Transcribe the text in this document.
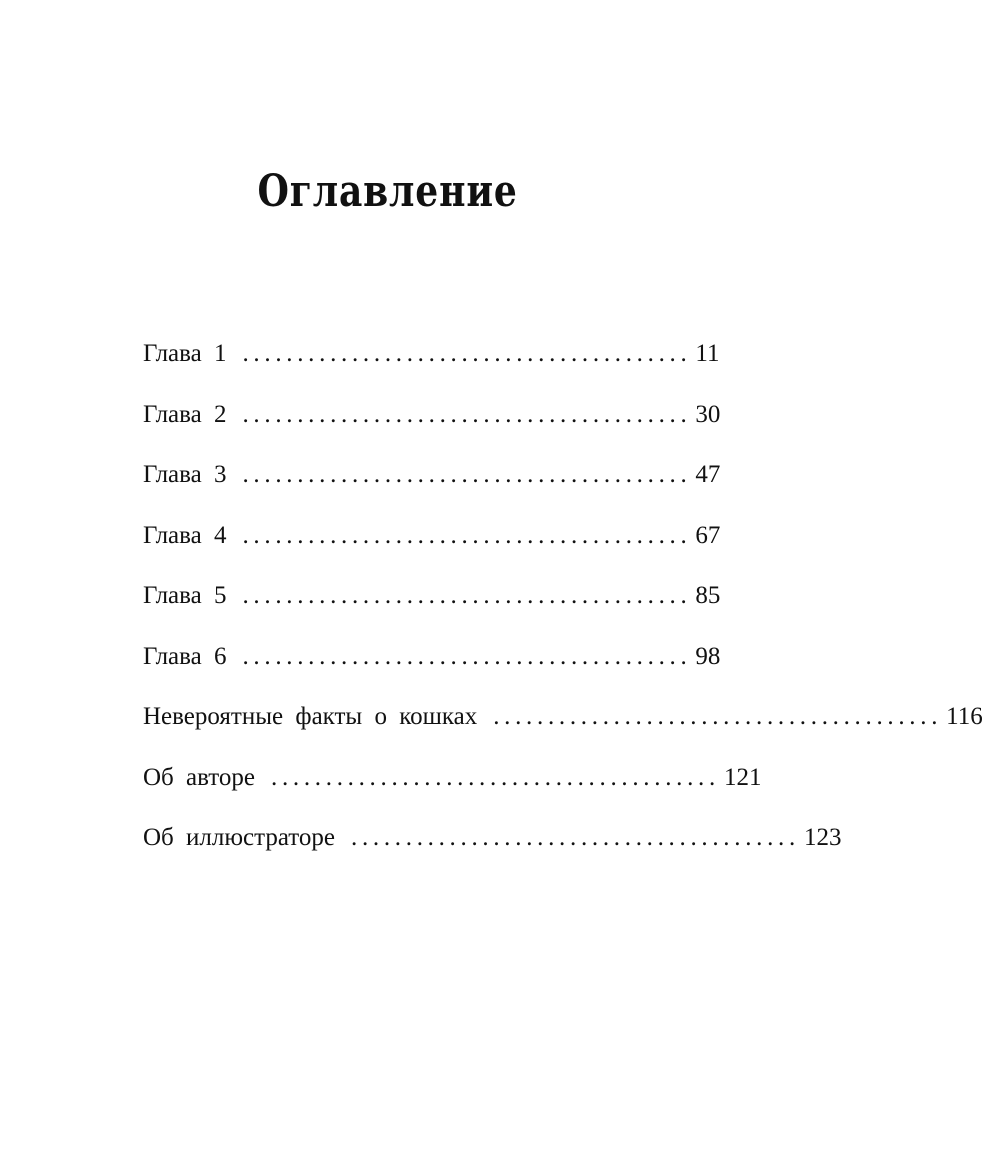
Оглавление
Глава 1 ......................................... 11
Глава 2 ......................................... 30
Глава 3 ......................................... 47
Глава 4 ......................................... 67
Глава 5 ......................................... 85
Глава 6 ......................................... 98
Невероятные факты о кошках ......................................... 116
Об авторе ......................................... 121
Об иллюстраторе ......................................... 123
